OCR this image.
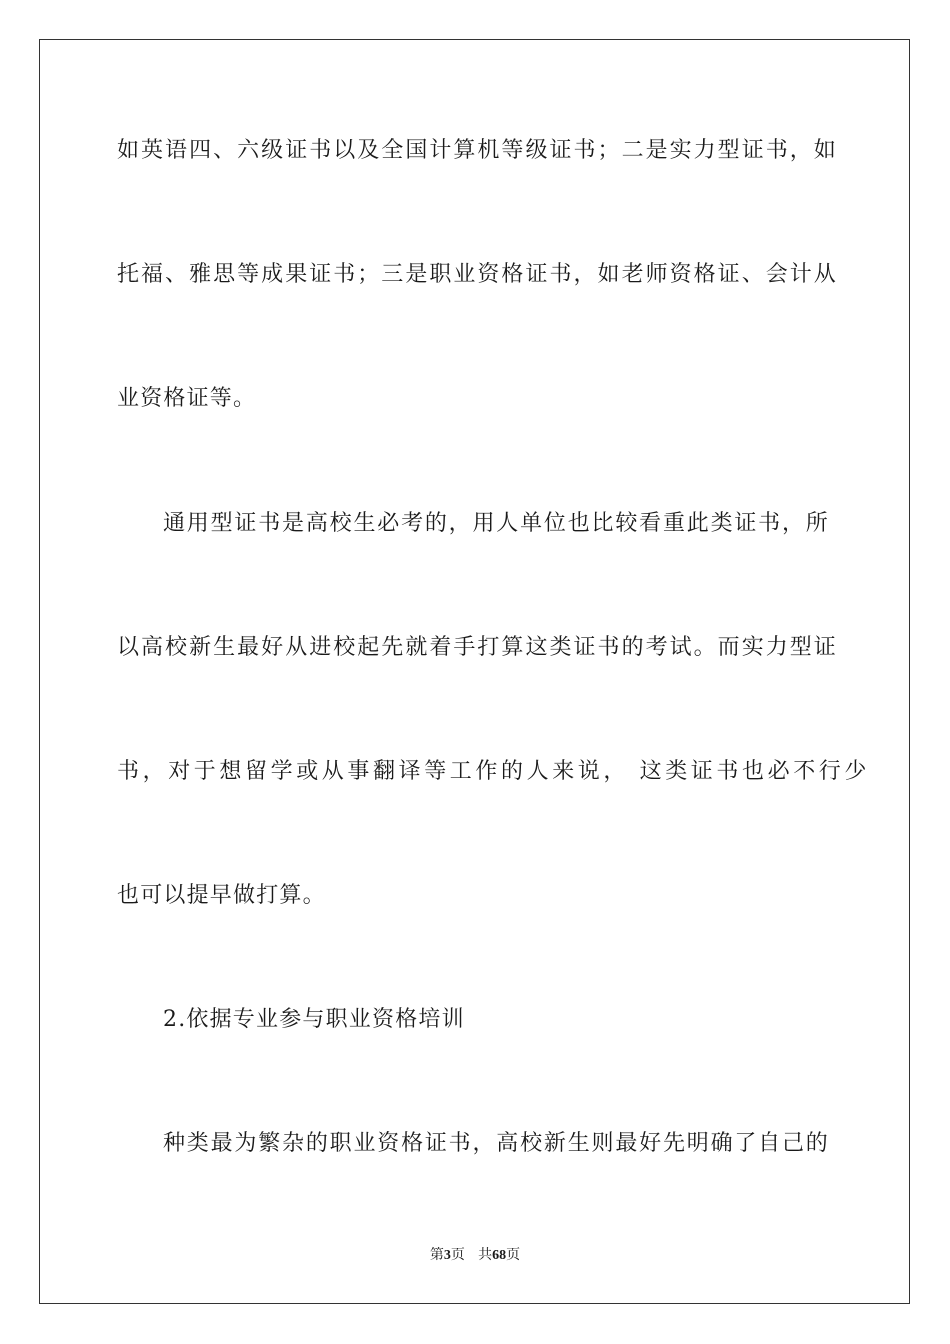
如英语四、六级证书以及全国计算机等级证书；二是实力型证书，如
托福、雅思等成果证书；三是职业资格证书，如老师资格证、会计从
业资格证等。
通用型证书是高校生必考的，用人单位也比较看重此类证书，所
以高校新生最好从进校起先就着手打算这类证书的考试。而实力型证
书，对于想留学或从事翻译等工作的人来说， 这类证书也必不行少
也可以提早做打算。
2.依据专业参与职业资格培训
种类最为繁杂的职业资格证书，高校新生则最好先明确了自己的
第3页 共68页
